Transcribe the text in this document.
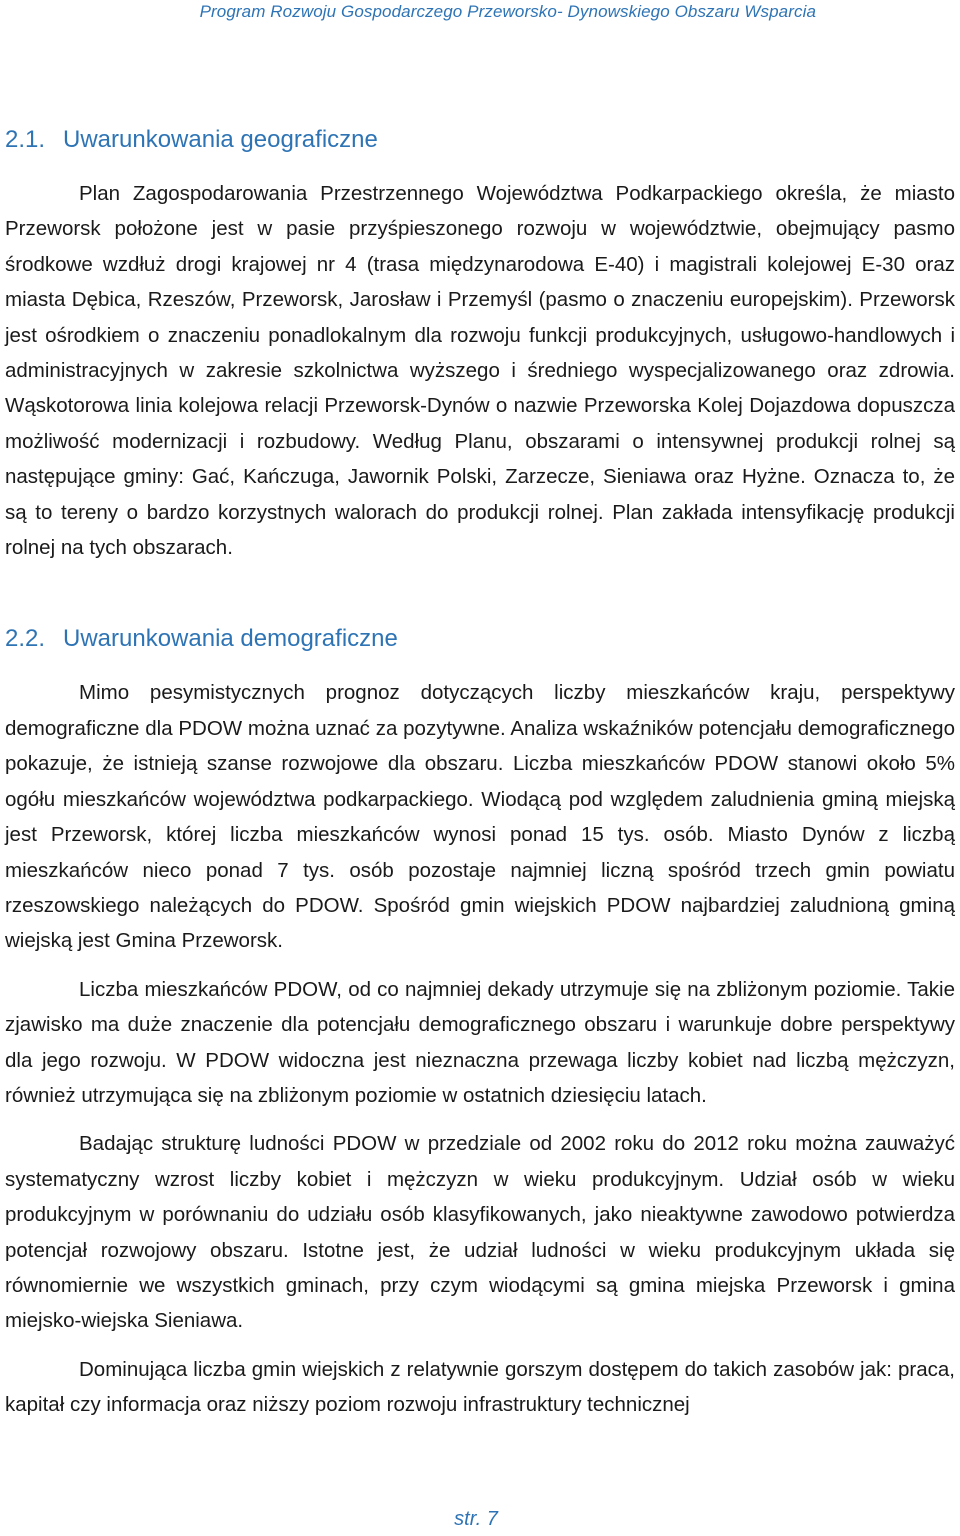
Program Rozwoju Gospodarczego Przeworsko- Dynowskiego Obszaru Wsparcia
2.1. Uwarunkowania geograficzne

Plan Zagospodarowania Przestrzennego Województwa Podkarpackiego określa, że miasto Przeworsk położone jest w pasie przyśpieszonego rozwoju w województwie, obejmujący pasmo środkowe wzdłuż drogi krajowej nr 4 (trasa międzynarodowa E-40) i magistrali kolejowej E-30 oraz miasta Dębica, Rzeszów, Przeworsk, Jarosław i Przemyśl (pasmo o znaczeniu europejskim). Przeworsk jest ośrodkiem o znaczeniu ponadlokalnym dla rozwoju funkcji produkcyjnych, usługowo-handlowych i administracyjnych w zakresie szkolnictwa wyższego i średniego wyspecjalizowanego oraz zdrowia. Wąskotorowa linia kolejowa relacji Przeworsk-Dynów o nazwie Przeworska Kolej Dojazdowa dopuszcza możliwość modernizacji i rozbudowy. Według Planu, obszarami o intensywnej produkcji rolnej są następujące gminy: Gać, Kańczuga, Jawornik Polski, Zarzecze, Sieniawa oraz Hyżne. Oznacza to, że są to tereny o bardzo korzystnych walorach do produkcji rolnej. Plan zakłada intensyfikację produkcji rolnej na tych obszarach.

2.2. Uwarunkowania demograficzne

Mimo pesymistycznych prognoz dotyczących liczby mieszkańców kraju, perspektywy demograficzne dla PDOW można uznać za pozytywne. Analiza wskaźników potencjału demograficznego pokazuje, że istnieją szanse rozwojowe dla obszaru. Liczba mieszkańców PDOW stanowi około 5% ogółu mieszkańców województwa podkarpackiego. Wiodącą pod względem zaludnienia gminą miejską jest Przeworsk, której liczba mieszkańców wynosi ponad 15 tys. osób. Miasto Dynów z liczbą mieszkańców nieco ponad 7 tys. osób pozostaje najmniej liczną spośród trzech gmin powiatu rzeszowskiego należących do PDOW. Spośród gmin wiejskich PDOW najbardziej zaludnioną gminą wiejską jest Gmina Przeworsk.

Liczba mieszkańców PDOW, od co najmniej dekady utrzymuje się na zbliżonym poziomie. Takie zjawisko ma duże znaczenie dla potencjału demograficznego obszaru i warunkuje dobre perspektywy dla jego rozwoju. W PDOW widoczna jest nieznaczna przewaga liczby kobiet nad liczbą mężczyzn, również utrzymująca się na zbliżonym poziomie w ostatnich dziesięciu latach.

Badając strukturę ludności PDOW w przedziale od 2002 roku do 2012 roku można zauważyć systematyczny wzrost liczby kobiet i mężczyzn w wieku produkcyjnym. Udział osób w wieku produkcyjnym w porównaniu do udziału osób klasyfikowanych, jako nieaktywne zawodowo potwierdza potencjał rozwojowy obszaru. Istotne jest, że udział ludności w wieku produkcyjnym układa się równomiernie we wszystkich gminach, przy czym wiodącymi są gmina miejska Przeworsk i gmina miejsko-wiejska Sieniawa.

Dominująca liczba gmin wiejskich z relatywnie gorszym dostępem do takich zasobów jak: praca, kapitał czy informacja oraz niższy poziom rozwoju infrastruktury technicznej

str. 7
